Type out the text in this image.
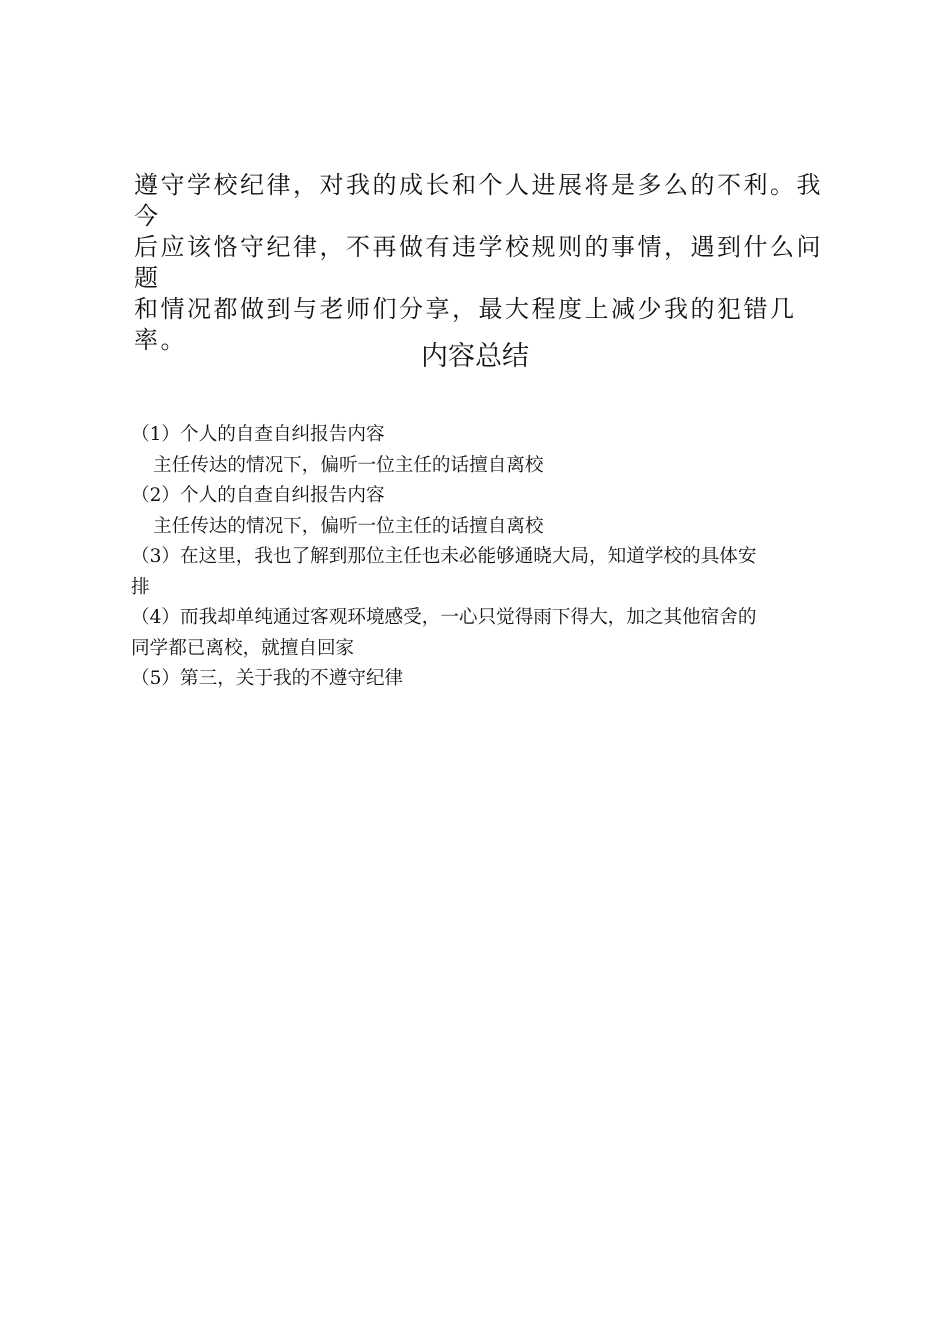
遵守学校纪律，对我的成长和个人进展将是多么的不利。我今

后应该恪守纪律，不再做有违学校规则的事情，遇到什么问题

和情况都做到与老师们分享，最大程度上减少我的犯错几率。

内容总结
（1）个人的自查自纠报告内容
主任传达的情况下，偏听一位主任的话擅自离校
（2）个人的自查自纠报告内容
主任传达的情况下，偏听一位主任的话擅自离校
（3）在这里，我也了解到那位主任也未必能够通晓大局，知道学校的具体安
排
（4）而我却单纯通过客观环境感受，一心只觉得雨下得大，加之其他宿舍的
同学都已离校，就擅自回家
（5）第三，关于我的不遵守纪律
